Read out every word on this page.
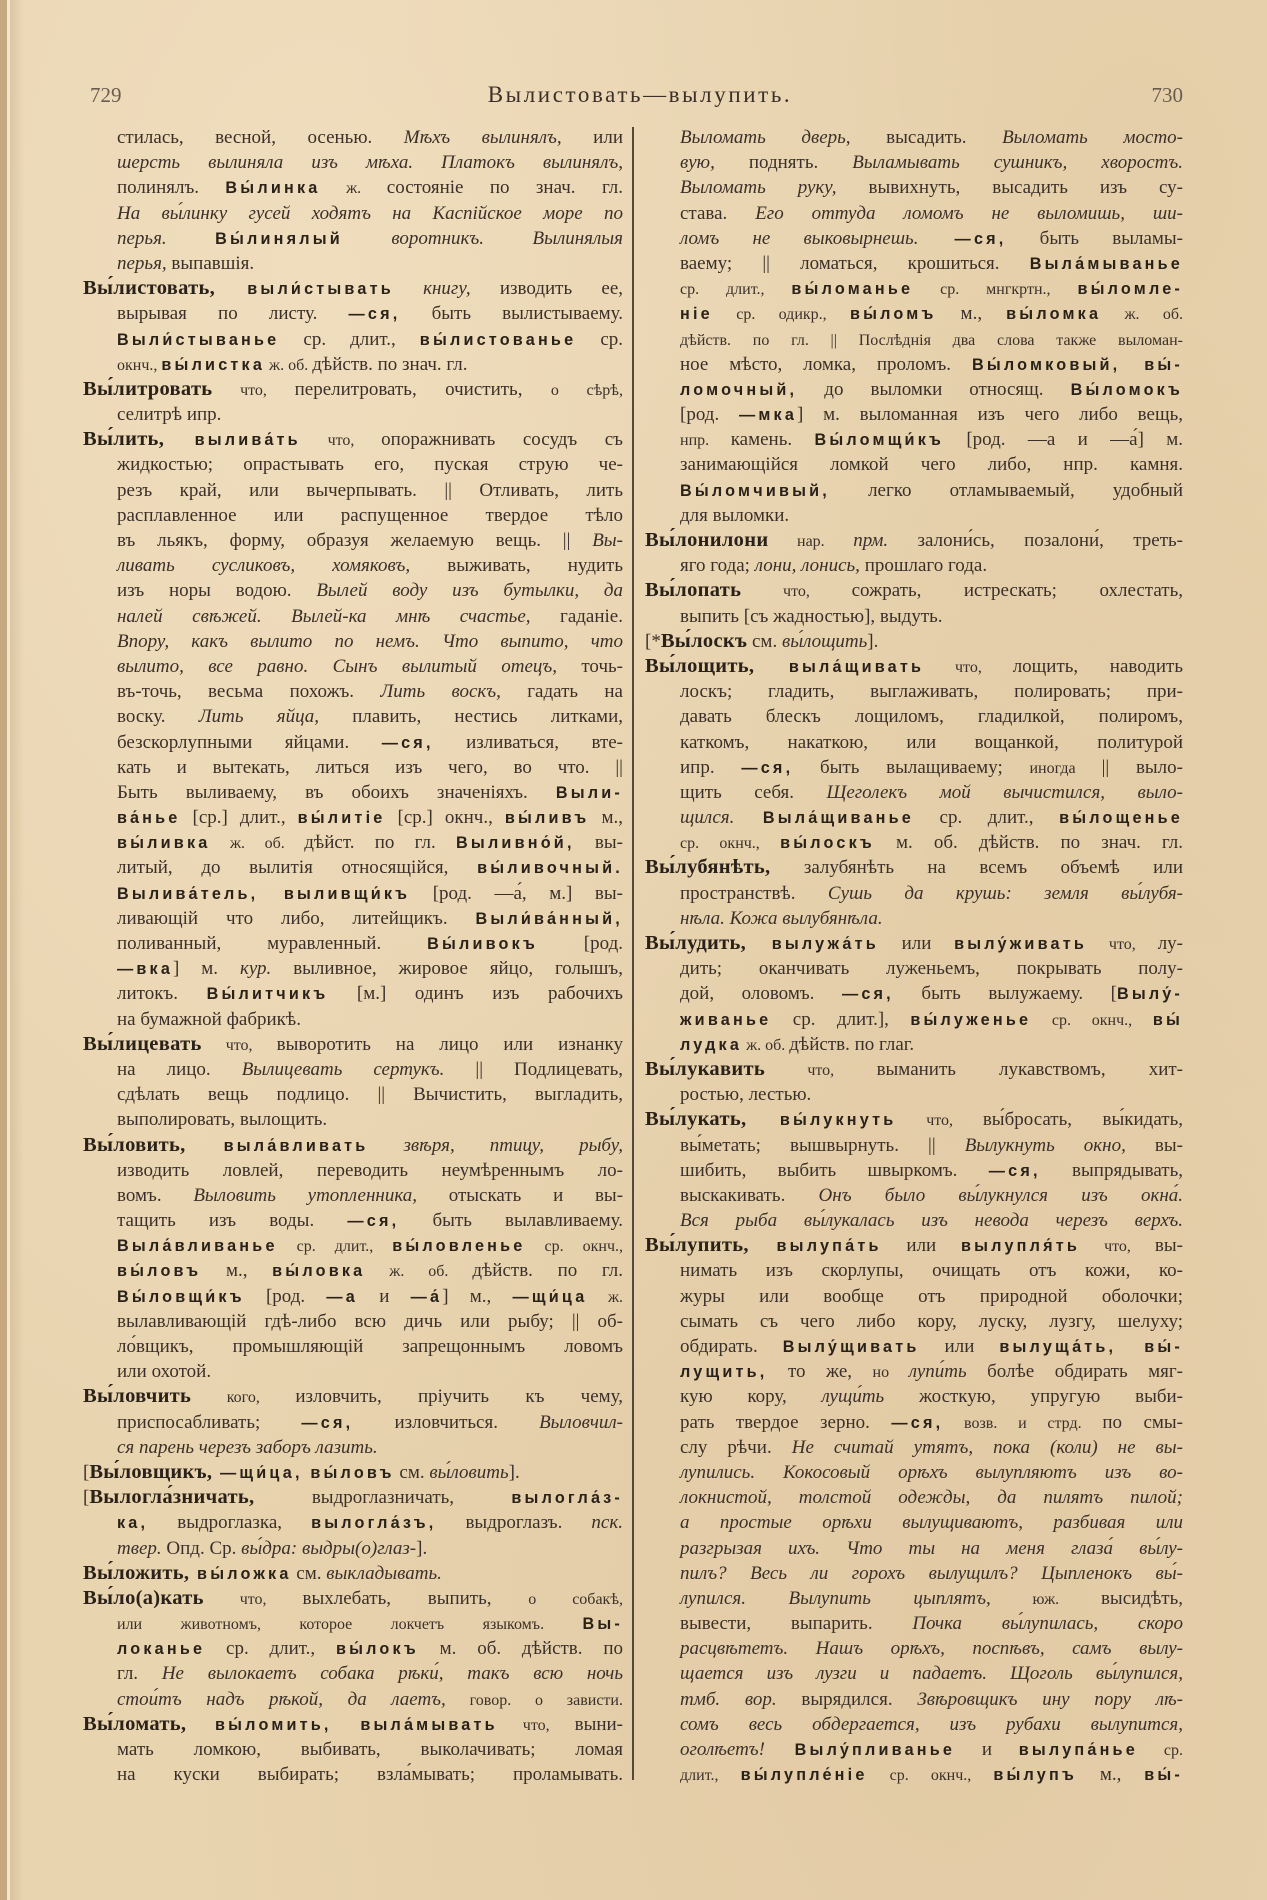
729	Вылистовать—вылупить.	730
стилась, весной, осенью. Мѣхъ вылинялъ, или
шерсть вылиняла изъ мѣха. Платокъ вылинялъ,
полинялъ. Вы́линка ж. состояніе по знач. гл.
На вы́линку гусей ходятъ на Каспійское море по
перья. Вы́линялый воротникъ. Вылинялыя
перья, выпавшія.
Вы́листовать, выли́стывать книгу, изводить ее,
вырывая по листу. —ся, быть вылистываему.
Выли́стыванье ср. длит., вы́листованье ср.
окнч., вы́листка ж. об. дѣйств. по знач. гл.
Вы́литровать что, перелитровать, очистить, о сѣрѣ,
селитрѣ ипр.
Вы́лить, вылива́ть что, опоражнивать сосудъ съ
жидкостью; опрастывать его, пуская струю че-
резъ край, или вычерпывать. || Отливать, лить
расплавленное или распущенное твердое тѣло
въ льякъ, форму, образуя желаемую вещь. || Вы-
ливать сусликовъ, хомяковъ, выживать, нудить
изъ норы водою. Вылей воду изъ бутылки, да
налей свѣжей. Вылей-ка мнѣ счастье, гаданіе.
Впору, какъ вылито по немъ. Что выпито, что
вылито, все равно. Сынъ вылитый отецъ, точь-
въ-точь, весьма похожъ. Лить воскъ, гадать на
воску. Лить яйца, плавить, нестись литками,
безскорлупными яйцами. —ся, изливаться, вте-
кать и вытекать, литься изъ чего, во что. ||
Быть выливаему, въ обоихъ значеніяхъ. Выли-
ва́нье [ср.] длит., вы́литіе [ср.] окнч., вы́ливъ м.,
вы́ливка ж. об. дѣйст. по гл. Выливно́й, вы-
литый, до вылитія относящійся, вы́ливочный.
Вылива́тель, выливщи́къ [род. —а́, м.] вы-
ливающій что либо, литейщикъ. Выли́ва́нный,
поливанный, муравленный. Вы́ливокъ [род.
—вка] м. кур. выливное, жировое яйцо, голышъ,
литокъ. Вы́литчикъ [м.] одинъ изъ рабочихъ
на бумажной фабрикѣ.
Вы́лицевать что, выворотить на лицо или изнанку
на лицо. Вылицевать сертукъ. || Подлицевать,
сдѣлать вещь подлицо. || Вычистить, выгладить,
выполировать, вылощить.
Вы́ловить, выла́вливать звѣря, птицу, рыбу,
изводить ловлей, переводить неумѣреннымъ ло-
вомъ. Выловить утопленника, отыскать и вы-
тащить изъ воды. —ся, быть вылавливаему.
Выла́вливанье ср. длит., вы́ловленье ср. окнч.,
вы́ловъ м., вы́ловка ж. об. дѣйств. по гл.
Вы́ловщи́къ [род. —а и —а́] м., —щи́ца ж.
вылавливающій гдѣ-либо всю дичь или рыбу; || об-
ло́вщикъ, промышляющій запрещоннымъ ловомъ
или охотой.
Вы́ловчить кого, изловчить, пріучить къ чему,
приспосабливать; —ся, изловчиться. Выловчил-
ся парень черезъ заборъ лазить.
[Вы́ловщикъ, —щи́ца, вы́ловъ см. вы́ловить].
[Вылогла́зничать, выдроглазничать, вылогла́з-
ка, выдроглазка, вылогла́зъ, выдроглазъ. пск.
твер. Опд. Ср. вы́дра: выдры(о)глаз-].
Вы́ложить, вы́ложка см. выкладывать.
Вы́ло(а)кать что, выхлебать, выпить, о собакѣ,
или животномъ, которое локчетъ языкомъ. Вы-
локанье ср. длит., вы́локъ м. об. дѣйств. по
гл. Не вылокаетъ собака рѣки́, такъ всю ночь
стои́тъ надъ рѣкой, да лаетъ, говор. о зависти.
Вы́ломать, вы́ломить, выла́мывать что, выни-
мать ломкою, выбивать, выколачивать; ломая
на куски выбирать; взла́мывать; проламывать.
Выломать дверь, высадить. Выломать мосто-
вую, поднять. Выламывать сушникъ, хворостъ.
Выломать руку, вывихнуть, высадить изъ су-
става. Его оттуда ломомъ не выломишь, ши-
ломъ не выковырнешь. —ся, быть выламы-
ваему; || ломаться, крошиться. Выла́мыванье
ср. длит., вы́ломанье ср. мнгкртн., вы́ломле-
ніе ср. одикр., вы́ломъ м., вы́ломка ж. об.
дѣйств. по гл. || Послѣднія два слова также выломан-
ное мѣсто, ломка, проломъ. Вы́ломковый, вы́-
ломочный, до выломки относящ. Вы́ломокъ
[род. —мка] м. выломанная изъ чего либо вещь,
нпр. камень. Вы́ломщи́къ [род. —а и —а́] м.
занимающійся ломкой чего либо, нпр. камня.
Вы́ломчивый, легко отламываемый, удобный
для выломки.
Вы́лонилони нар. прм. залони́сь, позалони́, треть-
яго года; лони, лонись, прошлаго года.
Вы́лопать что, сожрать, истрескать; охлестать,
выпить [съ жадностью], выдуть.
[*Вы́лоскъ см. вы́лощить].
Вы́лощить, выла́щивать что, лощить, наводить
лоскъ; гладить, выглаживать, полировать; при-
давать блескъ лощиломъ, гладилкой, полиромъ,
каткомъ, накаткою, или вощанкой, политурой
ипр. —ся, быть вылащиваему; иногда || выло-
щить себя. Щеголекъ мой вычистился, выло-
щился. Выла́щиванье ср. длит., вы́лощенье
ср. окнч., вы́лоскъ м. об. дѣйств. по знач. гл.
Вы́лубянѣть, залубянѣть на всемъ объемѣ или
пространствѣ. Сушь да крушь: земля вы́лубя-
нѣла. Кожа вылубянѣла.
Вы́лудить, вылужа́ть или вылу́живать что, лу-
дить; оканчивать луженьемъ, покрывать полу-
дой, оловомъ. —ся, быть вылужаему. [Вылу́-
живанье ср. длит.], вы́луженье ср. окнч., вы́
лудка ж. об. дѣйств. по глаг.
Вы́лукавить что, выманить лукавствомъ, хит-
ростью, лестью.
Вы́лукать, вы́лукнуть что, вы́бросать, вы́кидать,
вы́метать; вышвырнуть. || Вылукнуть окно, вы-
шибить, выбить швыркомъ. —ся, выпрядывать,
выскакивать. Онъ было вы́лукнулся изъ окна́.
Вся рыба вы́лукалась изъ невода черезъ верхъ.
Вы́лупить, вылупа́ть или вылупля́ть что, вы-
нимать изъ скорлупы, очищать отъ кожи, ко-
журы или вообще отъ природной оболочки;
сымать съ чего либо кору, луску, лузгу, шелуху;
обдирать. Вылу́щивать или вылуща́ть, вы́-
лущить, то же, но лупи́ть болѣе обдирать мяг-
кую кору, лущи́ть жосткую, упругую выби-
рать твердое зерно. —ся, возв. и стрд. по смы-
слу рѣчи. Не считай утятъ, пока (коли) не вы-
лупились. Кокосовый орѣхъ вылупляютъ изъ во-
локнистой, толстой одежды, да пилятъ пилой;
а простые орѣхи вылущиваютъ, разбивая или
разгрызая ихъ. Что ты на меня глаза́ вы́лу-
пилъ? Весь ли горохъ вылущилъ? Цыпленокъ вы́-
лупился. Вылупить цыплятъ, юж. высидѣть,
вывести, выпарить. Почка вы́лупилась, скоро
расцвѣтетъ. Нашъ орѣхъ, поспѣвъ, самъ вылу-
щается изъ лузги и падаетъ. Щоголь вы́лупился,
тмб. вор. вырядился. Звѣровщикъ ину пору лѣ-
сомъ весь обдергается, изъ рубахи вылупится,
оголѣетъ! Вылу́пливанье и вылупа́нье ср.
длит., вы́лупле́ніе ср. окнч., вы́лупъ м., вы́-
